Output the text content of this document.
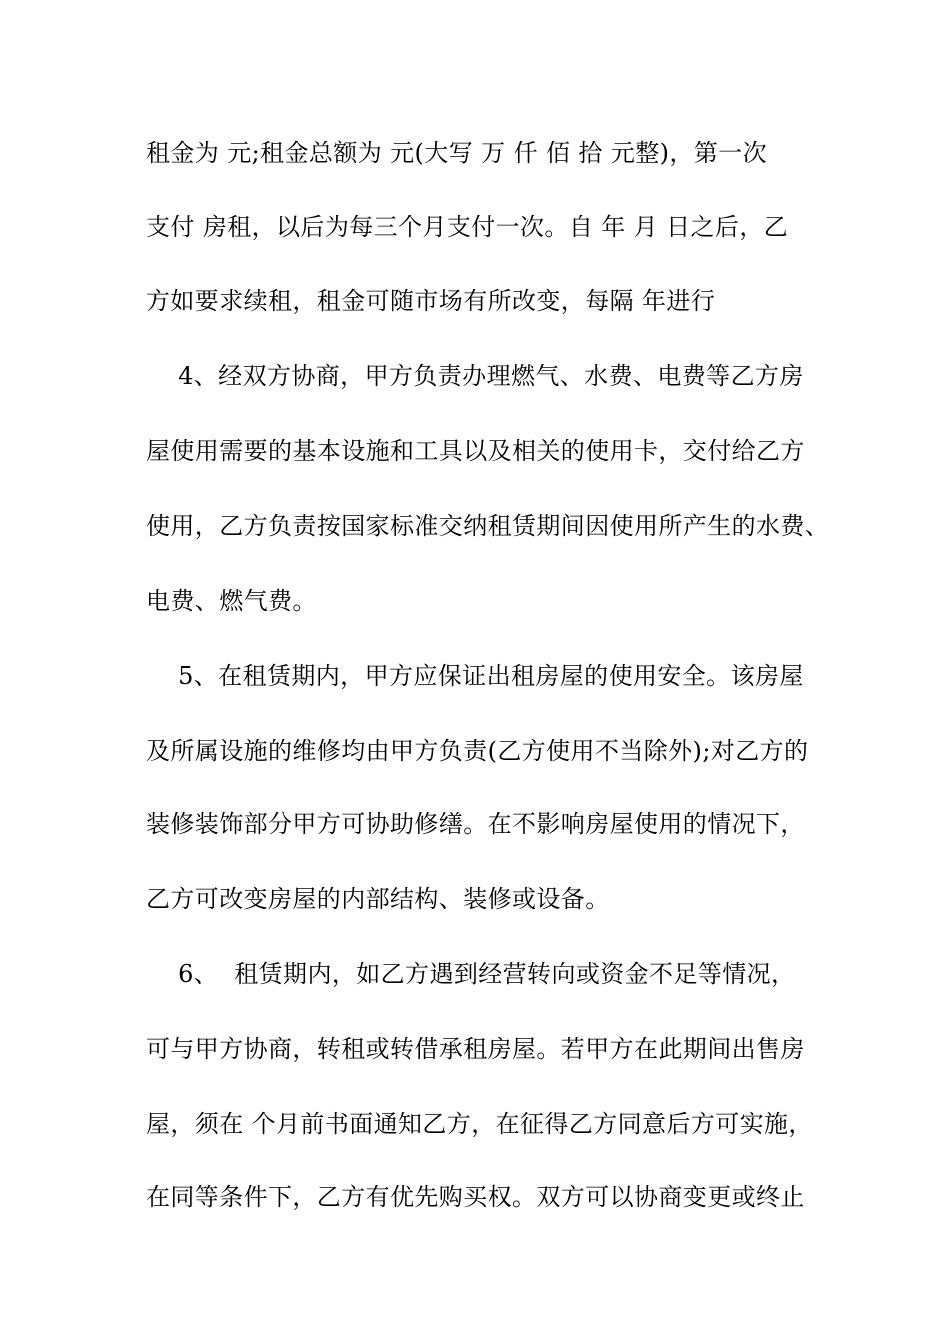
租金为 元;租金总额为 元(大写 万 仟 佰 拾 元整)，第一次
支付 房租，以后为每三个月支付一次。自 年 月 日之后，乙
方如要求续租，租金可随市场有所改变，每隔 年进行
4、经双方协商，甲方负责办理燃气、水费、电费等乙方房
屋使用需要的基本设施和工具以及相关的使用卡，交付给乙方
使用，乙方负责按国家标准交纳租赁期间因使用所产生的水费、
电费、燃气费。
5、在租赁期内，甲方应保证出租房屋的使用安全。该房屋
及所属设施的维修均由甲方负责(乙方使用不当除外);对乙方的
装修装饰部分甲方可协助修缮。在不影响房屋使用的情况下，
乙方可改变房屋的内部结构、装修或设备。
6、  租赁期内，如乙方遇到经营转向或资金不足等情况，
可与甲方协商，转租或转借承租房屋。若甲方在此期间出售房
屋，须在 个月前书面通知乙方，在征得乙方同意后方可实施，
在同等条件下，乙方有优先购买权。双方可以协商变更或终止
